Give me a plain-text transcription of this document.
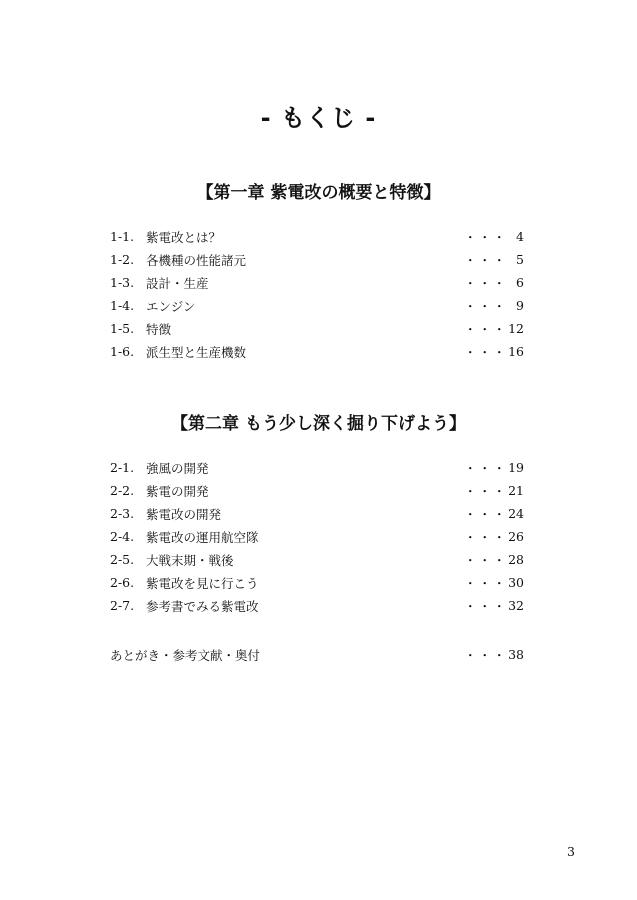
- もくじ -
【第一章 紫電改の概要と特徴】
1-1. 紫電改とは？	・・・ 4
1-2. 各機種の性能諸元	・・・ 5
1-3. 設計・生産	・・・ 6
1-4. エンジン	・・・ 9
1-5. 特徴	・・・ 12
1-6. 派生型と生産機数	・・・ 16
【第二章 もう少し深く掘り下げよう】
2-1. 強風の開発	・・・ 19
2-2. 紫電の開発	・・・ 21
2-3. 紫電改の開発	・・・ 24
2-4. 紫電改の運用航空隊	・・・ 26
2-5. 大戦末期・戦後	・・・ 28
2-6. 紫電改を見に行こう	・・・ 30
2-7. 参考書でみる紫電改	・・・ 32
あとがき・参考文献・奥付	・・・ 38
3
